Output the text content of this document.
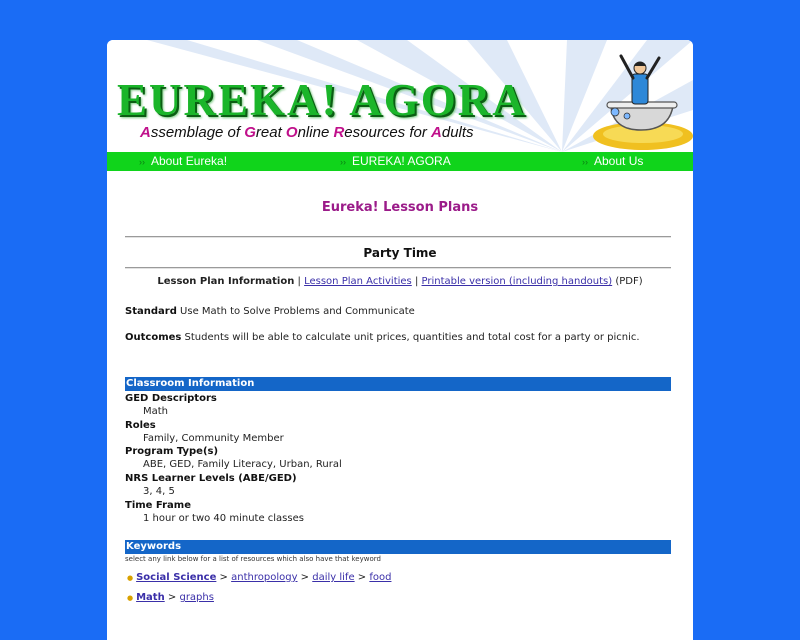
EUREKA! AGORA
Assemblage of Great Online Resources for Adults
›› About Eureka!	›› EUREKA! AGORA	›› About Us
Eureka! Lesson Plans
Party Time
Lesson Plan Information | Lesson Plan Activities | Printable version (including handouts) (PDF)
Standard Use Math to Solve Problems and Communicate
Outcomes Students will be able to calculate unit prices, quantities and total cost for a party or picnic.
Classroom Information
GED Descriptors
Math
Roles
Family, Community Member
Program Type(s)
ABE, GED, Family Literacy, Urban, Rural
NRS Learner Levels (ABE/GED)
3, 4, 5
Time Frame
1 hour or two 40 minute classes
Keywords
select any link below for a list of resources which also have that keyword
● Social Science > anthropology > daily life > food
● Math > graphs
